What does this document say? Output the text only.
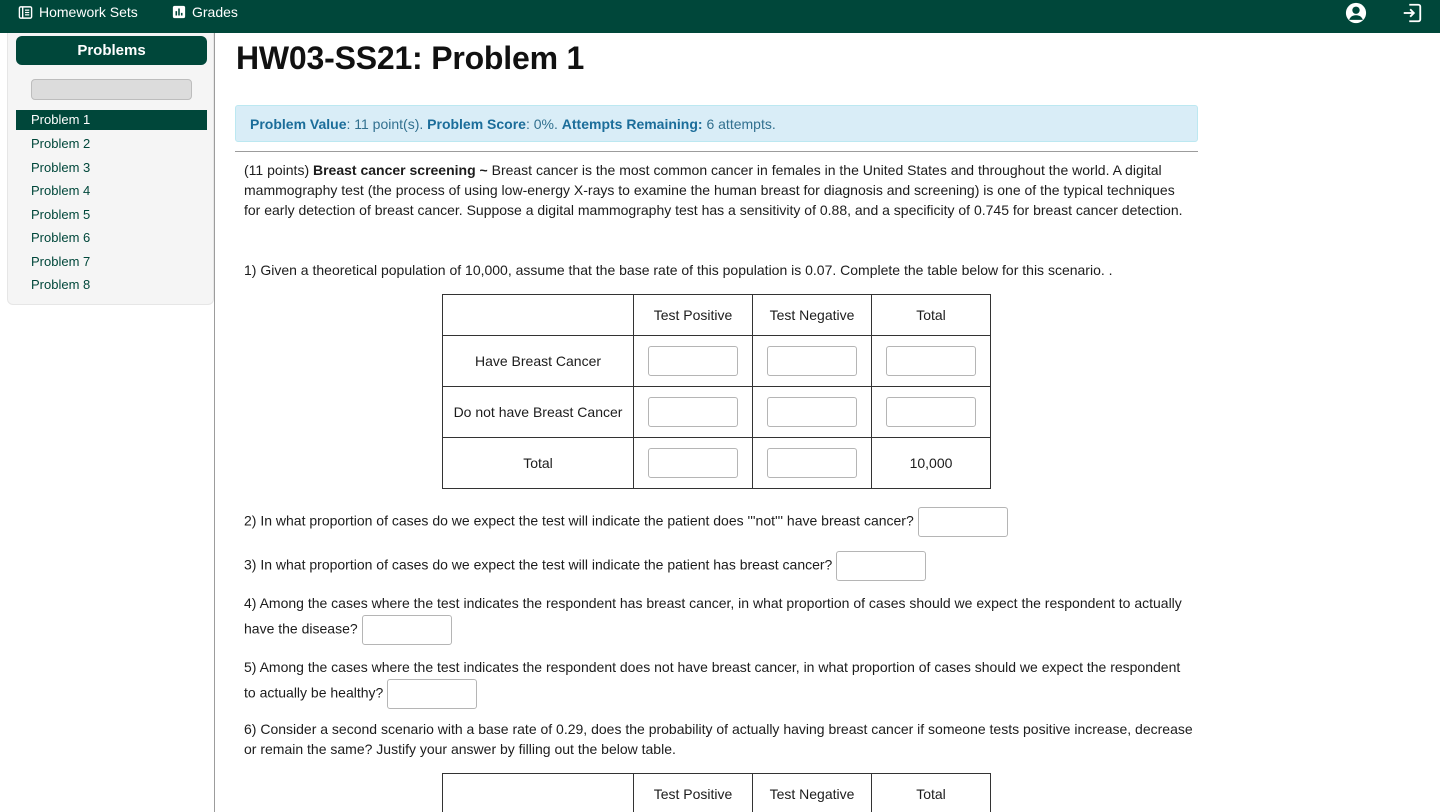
Homework Sets	Grades
Problems
Problem 1
Problem 2
Problem 3
Problem 4
Problem 5
Problem 6
Problem 7
Problem 8
HW03-SS21: Problem 1
Problem Value: 11 point(s). Problem Score: 0%. Attempts Remaining: 6 attempts.
(11 points) Breast cancer screening ~ Breast cancer is the most common cancer in females in the United States and throughout the world. A digital mammography test (the process of using low-energy X-rays to examine the human breast for diagnosis and screening) is one of the typical techniques for early detection of breast cancer. Suppose a digital mammography test has a sensitivity of 0.88, and a specificity of 0.745 for breast cancer detection.
1) Given a theoretical population of 10,000, assume that the base rate of this population is 0.07. Complete the table below for this scenario. .
	Test Positive	Test Negative	Total
Have Breast Cancer			
Do not have Breast Cancer			
Total			10,000
2) In what proportion of cases do we expect the test will indicate the patient does '''not''' have breast cancer?
3) In what proportion of cases do we expect the test will indicate the patient has breast cancer?
4) Among the cases where the test indicates the respondent has breast cancer, in what proportion of cases should we expect the respondent to actually have the disease?
5) Among the cases where the test indicates the respondent does not have breast cancer, in what proportion of cases should we expect the respondent to actually be healthy?
6) Consider a second scenario with a base rate of 0.29, does the probability of actually having breast cancer if someone tests positive increase, decrease or remain the same? Justify your answer by filling out the below table.
	Test Positive	Test Negative	Total
